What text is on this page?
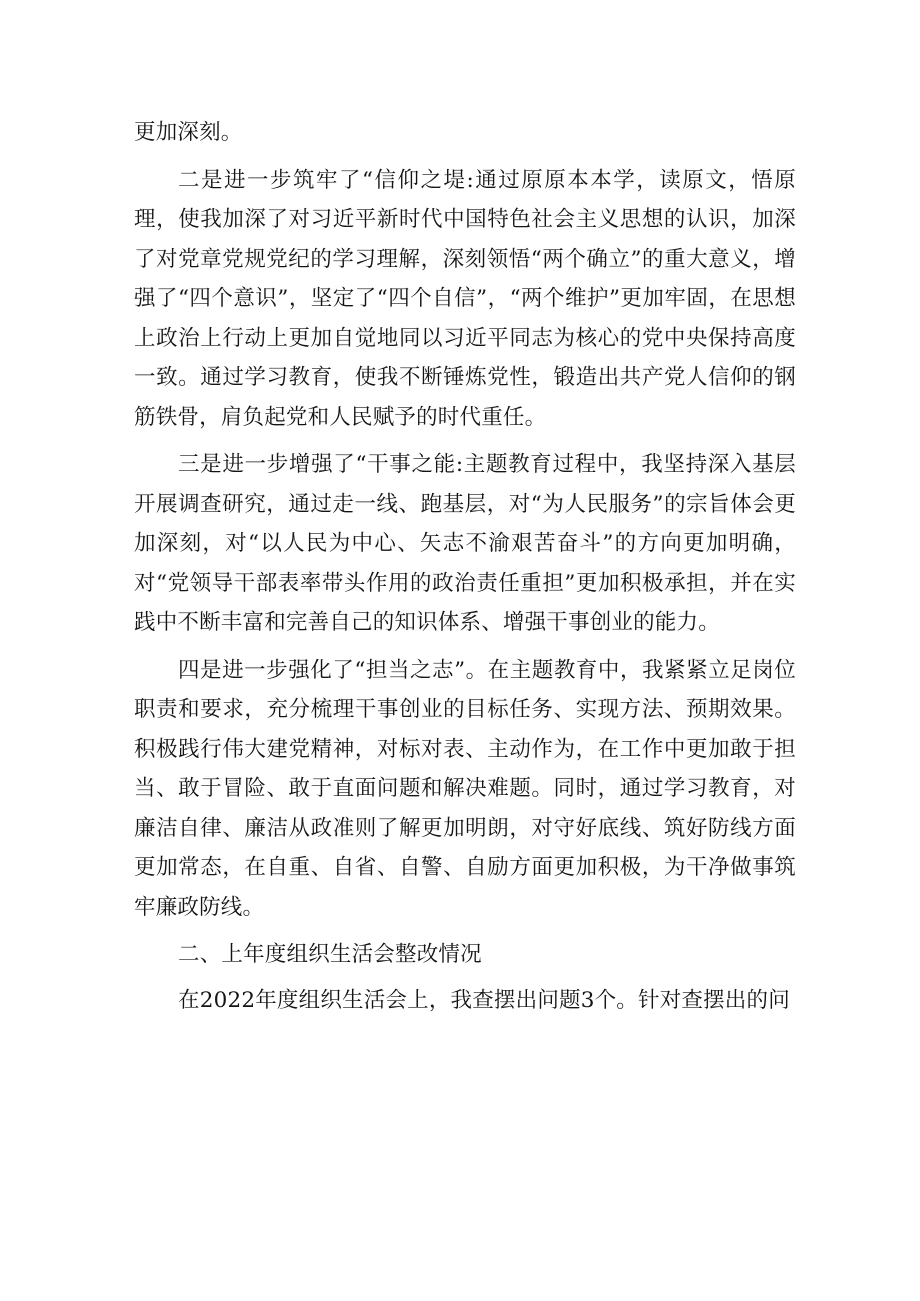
更加深刻。

二是进一步筑牢了“信仰之堤:通过原原本本学，读原文，悟原理，使我加深了对习近平新时代中国特色社会主义思想的认识，加深了对党章党规党纪的学习理解，深刻领悟“两个确立”的重大意义，增强了“四个意识”，坚定了“四个自信”，“两个维护”更加牢固，在思想上政治上行动上更加自觉地同以习近平同志为核心的党中央保持高度一致。通过学习教育，使我不断锤炼党性，锻造出共产党人信仰的钢筋铁骨，肩负起党和人民赋予的时代重任。

三是进一步增强了“干事之能:主题教育过程中，我坚持深入基层开展调查研究，通过走一线、跑基层，对“为人民服务”的宗旨体会更加深刻，对“以人民为中心、矢志不渝艰苦奋斗”的方向更加明确，对“党领导干部表率带头作用的政治责任重担”更加积极承担，并在实践中不断丰富和完善自己的知识体系、增强干事创业的能力。

四是进一步强化了“担当之志”。在主题教育中，我紧紧立足岗位职责和要求，充分梳理干事创业的目标任务、实现方法、预期效果。积极践行伟大建党精神，对标对表、主动作为，在工作中更加敢于担当、敢于冒险、敢于直面问题和解决难题。同时，通过学习教育，对廉洁自律、廉洁从政准则了解更加明朗，对守好底线、筑好防线方面更加常态，在自重、自省、自警、自励方面更加积极，为干净做事筑牢廉政防线。

二、上年度组织生活会整改情况

在2022年度组织生活会上，我查摆出问题3个。针对查摆出的问
